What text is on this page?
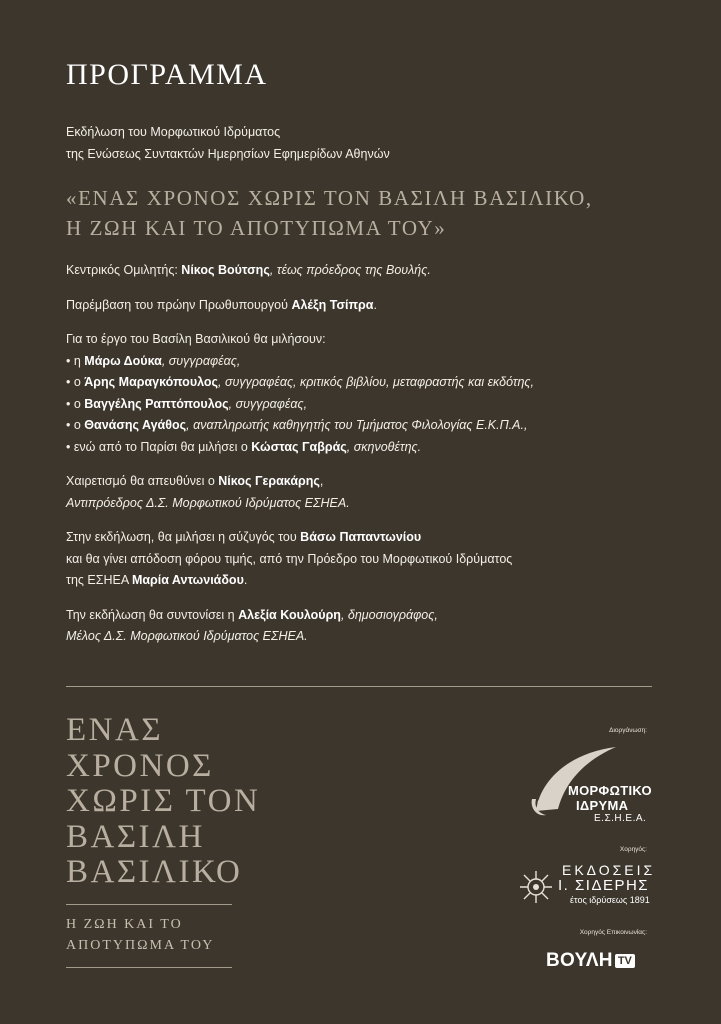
ΠΡΟΓΡΑΜΜΑ
Εκδήλωση του Μορφωτικού Ιδρύματος
της Ενώσεως Συντακτών Ημερησίων Εφημερίδων Αθηνών
«ΕΝΑΣ ΧΡΟΝΟΣ ΧΩΡΙΣ ΤΟΝ ΒΑΣΙΛΗ ΒΑΣΙΛΙΚΟ,
Η ΖΩΗ ΚΑΙ ΤΟ ΑΠΟΤΥΠΩΜΑ ΤΟΥ»

Κεντρικός Ομιλητής: Νίκος Βούτσης, τέως πρόεδρος της Βουλής.

Παρέμβαση του πρώην Πρωθυπουργού Αλέξη Τσίπρα.

Για το έργο του Βασίλη Βασιλικού θα μιλήσουν:
• η Μάρω Δούκα, συγγραφέας,
• ο Άρης Μαραγκόπουλος, συγγραφέας, κριτικός βιβλίου, μεταφραστής και εκδότης,
• ο Βαγγέλης Ραπτόπουλος, συγγραφέας,
• ο Θανάσης Αγάθος, αναπληρωτής καθηγητής του Τμήματος Φιλολογίας Ε.Κ.Π.Α.,
• ενώ από το Παρίσι θα μιλήσει ο Κώστας Γαβράς, σκηνοθέτης.

Χαιρετισμό θα απευθύνει ο Νίκος Γερακάρης,
Αντιπρόεδρος Δ.Σ. Μορφωτικού Ιδρύματος ΕΣΗΕΑ.

Στην εκδήλωση, θα μιλήσει η σύζυγός του Βάσω Παπαντωνίου
και θα γίνει απόδοση φόρου τιμής, από την Πρόεδρο του Μορφωτικού Ιδρύματος
της ΕΣΗΕΑ Μαρία Αντωνιάδου.

Την εκδήλωση θα συντονίσει η Αλεξία Κουλούρη, δημοσιογράφος,
Μέλος Δ.Σ. Μορφωτικού Ιδρύματος ΕΣΗΕΑ.

ΕΝΑΣ
ΧΡΟΝΟΣ
ΧΩΡΙΣ ΤΟΝ
ΒΑΣΙΛΗ
ΒΑΣΙΛΙΚΟ
Η ΖΩΗ ΚΑΙ ΤΟ
ΑΠΟΤΥΠΩΜΑ ΤΟΥ
Διοργάνωση:
ΜΟΡΦΩΤΙΚΟ
ΙΔΡΥΜΑ
Ε.Σ.Η.Ε.Α.
Χορηγός:
ΕΚΔΟΣΕΙΣ
Ι. ΣΙΔΕΡΗΣ
έτος ιδρύσεως 1891
Χορηγός Επικοινωνίας:
ΒΟΥΛΗ TV
